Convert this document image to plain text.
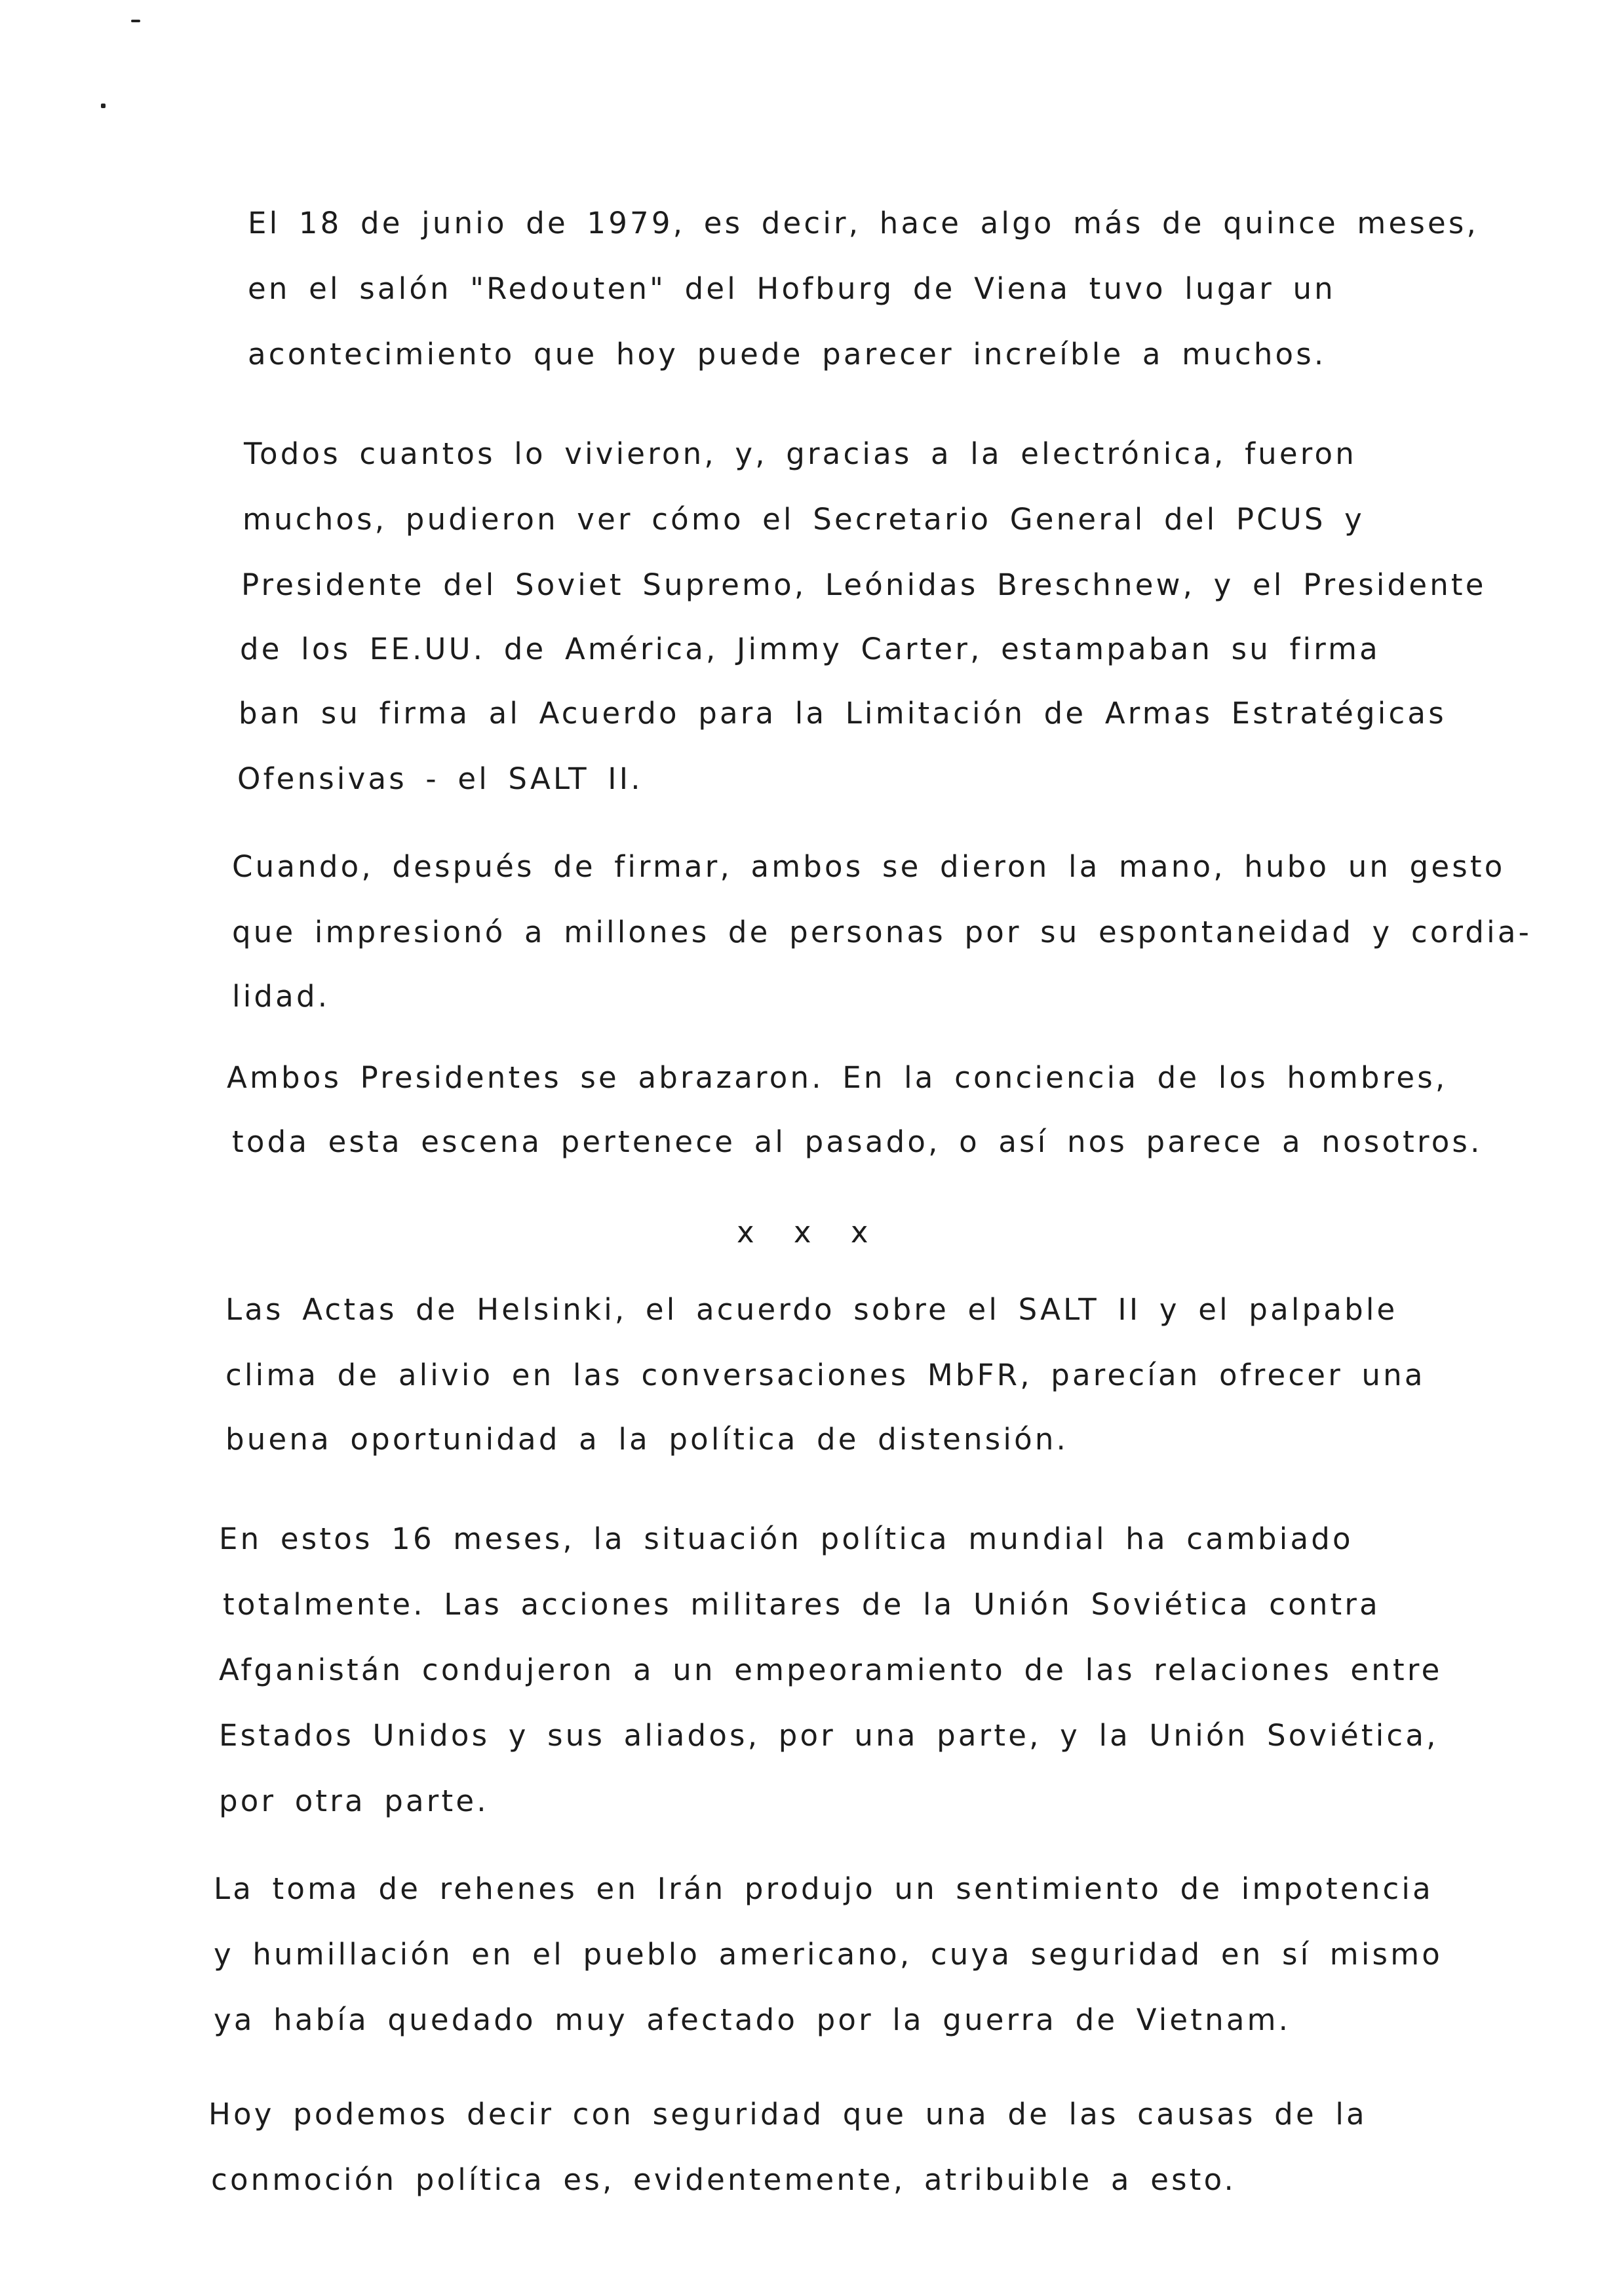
El 18 de junio de 1979, es decir, hace algo más de quince meses,
en el salón "Redouten" del Hofburg de Viena tuvo lugar un
acontecimiento que hoy puede parecer increíble a muchos.
Todos cuantos lo vivieron, y, gracias a la electrónica, fueron
muchos, pudieron ver cómo el Secretario General del PCUS y
Presidente del Soviet Supremo, Leónidas Breschnew, y el Presidente
de los EE.UU. de América, Jimmy Carter, estampaban su firma
ban su firma al Acuerdo para la Limitación de Armas Estratégicas
Ofensivas - el SALT II.
Cuando, después de firmar, ambos se dieron la mano, hubo un gesto
que impresionó a millones de personas por su espontaneidad y cordia-
lidad.
Ambos Presidentes se abrazaron. En la conciencia de los hombres,
toda esta escena pertenece al pasado, o así nos parece a nosotros.
x x x
Las Actas de Helsinki, el acuerdo sobre el SALT II y el palpable
clima de alivio en las conversaciones MbFR, parecían ofrecer una
buena oportunidad a la política de distensión.
En estos 16 meses, la situación política mundial ha cambiado
totalmente. Las acciones militares de la Unión Soviética contra
Afganistán condujeron a un empeoramiento de las relaciones entre
Estados Unidos y sus aliados, por una parte, y la Unión Soviética,
por otra parte.
La toma de rehenes en Irán produjo un sentimiento de impotencia
y humillación en el pueblo americano, cuya seguridad en sí mismo
ya había quedado muy afectado por la guerra de Vietnam.
Hoy podemos decir con seguridad que una de las causas de la
conmoción política es, evidentemente, atribuible a esto.
